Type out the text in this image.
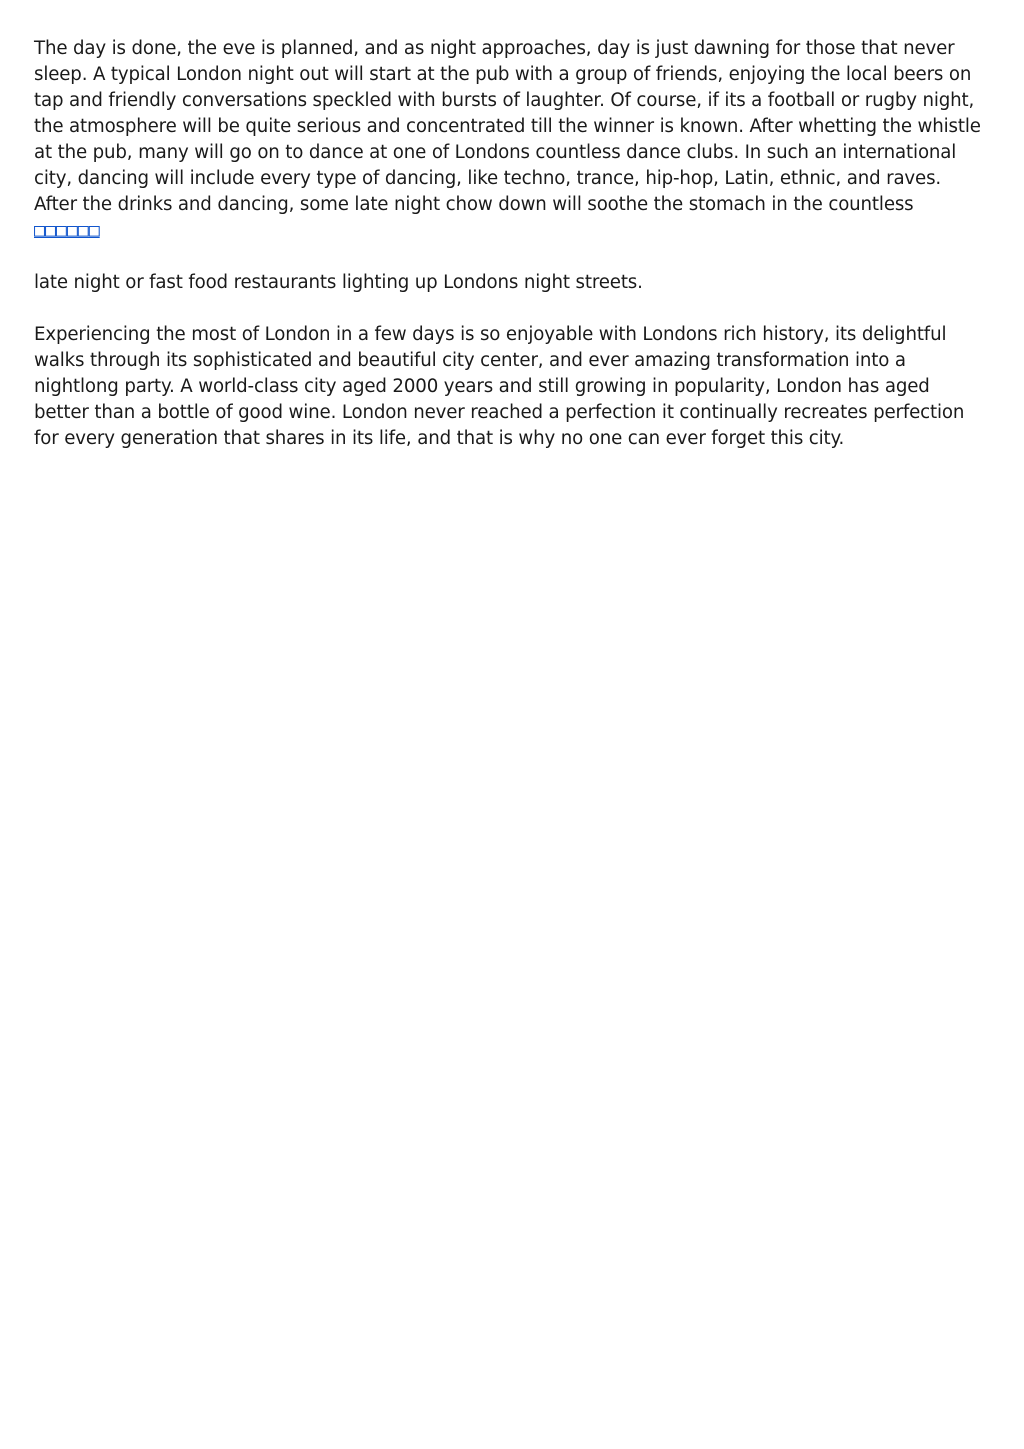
The day is done, the eve is planned, and as night approaches, day is just dawning for those that never sleep. A typical London night out will start at the pub with a group of friends, enjoying the local beers on tap and friendly conversations speckled with bursts of laughter. Of course, if its a football or rugby night, the atmosphere will be quite serious and concentrated till the winner is known. After whetting the whistle at the pub, many will go on to dance at one of Londons countless dance clubs. In such an international city, dancing will include every type of dancing, like techno, trance, hip-hop, Latin, ethnic, and raves. After the drinks and dancing, some late night chow down will soothe the stomach in the countless □□□□□□

late night or fast food restaurants lighting up Londons night streets.

Experiencing the most of London in a few days is so enjoyable with Londons rich history, its delightful walks through its sophisticated and beautiful city center, and ever amazing transformation into a nightlong party. A world-class city aged 2000 years and still growing in popularity, London has aged better than a bottle of good wine. London never reached a perfection it continually recreates perfection for every generation that shares in its life, and that is why no one can ever forget this city.
